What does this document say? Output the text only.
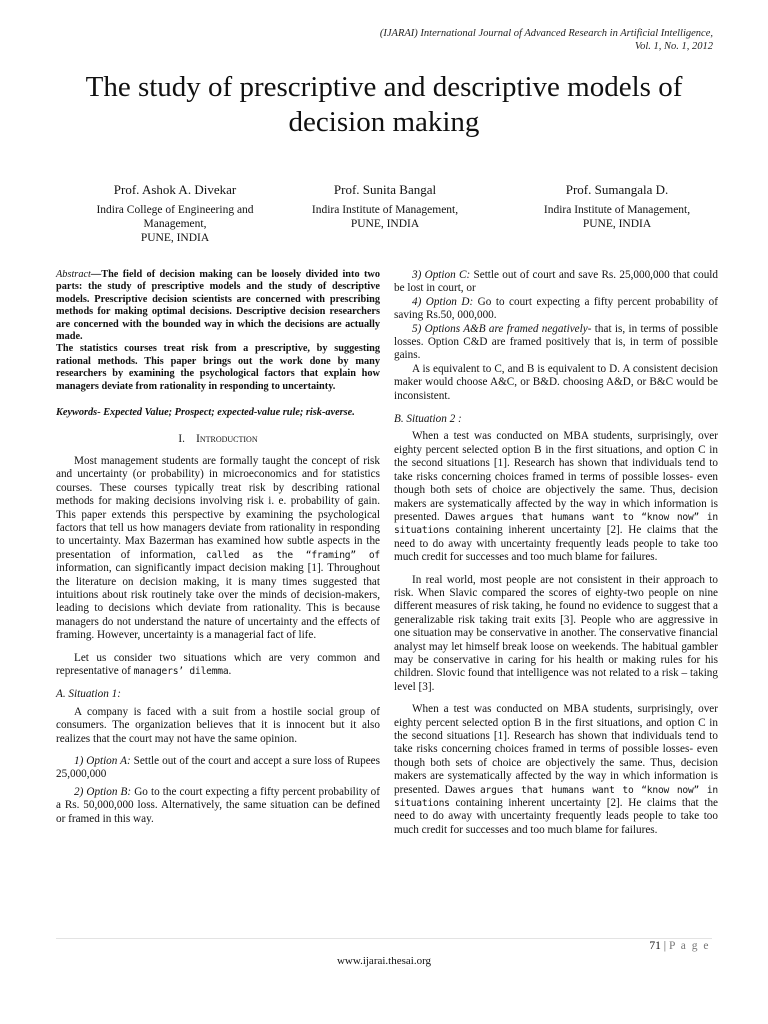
(IJARAI) International Journal of Advanced Research in Artificial Intelligence,
Vol. 1, No. 1, 2012
The study of prescriptive and descriptive models of
decision making
Prof. Ashok A. Divekar
Indira College of Engineering and
Management,
PUNE, INDIA
Prof. Sunita Bangal
Indira Institute of Management,
PUNE, INDIA
Prof. Sumangala D.
Indira Institute of Management,
PUNE, INDIA

Abstract—The field of decision making can be loosely divided into two parts: the study of prescriptive models and the study of descriptive models. Prescriptive decision scientists are concerned with prescribing methods for making optimal decisions. Descriptive decision researchers are concerned with the bounded way in which the decisions are actually made.

The statistics courses treat risk from a prescriptive, by suggesting rational methods. This paper brings out the work done by many researchers by examining the psychological factors that explain how managers deviate from rationality in responding to uncertainty.

Keywords- Expected Value; Prospect; expected-value rule; risk-averse.

I. Introduction

Most management students are formally taught the concept of risk and uncertainty (or probability) in microeconomics and for statistics courses. These courses typically treat risk by describing rational methods for making decisions involving risk i. e. probability of gain. This paper extends this perspective by examining the psychological factors that tell us how managers deviate from rationality in responding to uncertainty. Max Bazerman has examined how subtle aspects in the presentation of information, called as the “framing” of information, can significantly impact decision making [1]. Throughout the literature on decision making, it is many times suggested that intuitions about risk routinely take over the minds of decision-makers, leading to decisions which deviate from rationality. This is because managers do not understand the nature of uncertainty and the effects of framing. However, uncertainty is a managerial fact of life.

Let us consider two situations which are very common and representative of managers’ dilemma.

A. Situation 1:

A company is faced with a suit from a hostile social group of consumers. The organization believes that it is innocent but it also realizes that the court may not have the same opinion.

1) Option A: Settle out of the court and accept a sure loss of Rupees 25,000,000

2) Option B: Go to the court expecting a fifty percent probability of a Rs. 50,000,000 loss. Alternatively, the same situation can be defined or framed in this way.

3) Option C: Settle out of court and save Rs. 25,000,000 that could be lost in court, or

4) Option D: Go to court expecting a fifty percent probability of saving Rs.50, 000,000.

5) Options A&B are framed negatively- that is, in terms of possible losses. Option C&D are framed positively that is, in term of possible gains.

A is equivalent to C, and B is equivalent to D. A consistent decision maker would choose A&C, or B&D. choosing A&D, or B&C would be inconsistent.

B. Situation 2 :

When a test was conducted on MBA students, surprisingly, over eighty percent selected option B in the first situations, and option C in the second situations [1]. Research has shown that individuals tend to take risks concerning choices framed in terms of possible losses- even though both sets of choice are objectively the same. Thus, decision makers are systematically affected by the way in which information is presented. Dawes argues that humans want to “know now” in situations containing inherent uncertainty [2]. He claims that the need to do away with uncertainty frequently leads people to take too much credit for successes and too much blame for failures.

In real world, most people are not consistent in their approach to risk. When Slavic compared the scores of eighty-two people on nine different measures of risk taking, he found no evidence to suggest that a generalizable risk taking trait exits [3]. People who are aggressive in one situation may be conservative in another. The conservative financial analyst may let himself break loose on weekends. The habitual gambler may be conservative in caring for his health or making rules for his children. Slovic found that intelligence was not related to a risk – taking level [3].

When a test was conducted on MBA students, surprisingly, over eighty percent selected option B in the first situations, and option C in the second situations [1]. Research has shown that individuals tend to take risks concerning choices framed in terms of possible losses- even though both sets of choice are objectively the same. Thus, decision makers are systematically affected by the way in which information is presented. Dawes argues that humans want to “know now” in situations containing inherent uncertainty [2]. He claims that the need to do away with uncertainty frequently leads people to take too much credit for successes and too much blame for failures.

71 | P a g e
www.ijarai.thesai.org
